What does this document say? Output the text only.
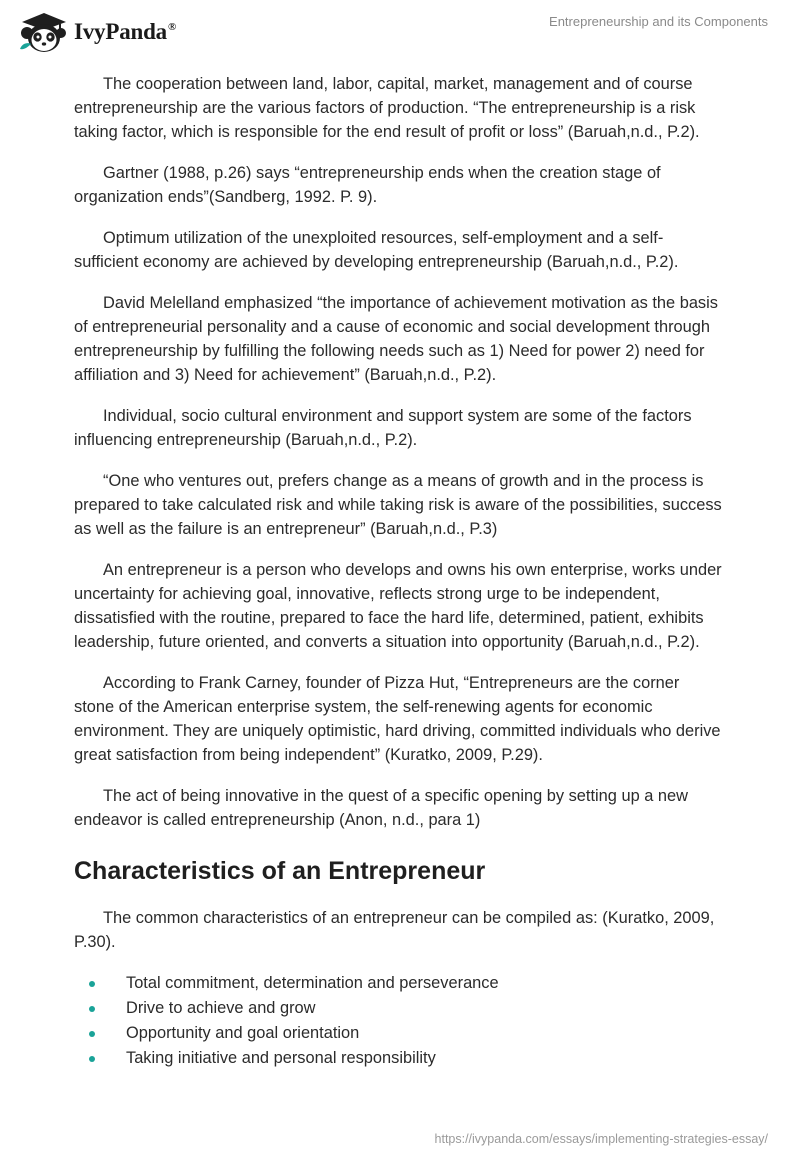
IvyPanda®	Entrepreneurship and its Components

The cooperation between land, labor, capital, market, management and of course entrepreneurship are the various factors of production. “The entrepreneurship is a risk taking factor, which is responsible for the end result of profit or loss” (Baruah,n.d., P.2).

Gartner (1988, p.26) says “entrepreneurship ends when the creation stage of organization ends”(Sandberg, 1992. P. 9).

Optimum utilization of the unexploited resources, self-employment and a self-sufficient economy are achieved by developing entrepreneurship (Baruah,n.d., P.2).

David Melelland emphasized “the importance of achievement motivation as the basis of entrepreneurial personality and a cause of economic and social development through entrepreneurship by fulfilling the following needs such as 1) Need for power 2) need for affiliation and 3) Need for achievement” (Baruah,n.d., P.2).

Individual, socio cultural environment and support system are some of the factors influencing entrepreneurship (Baruah,n.d., P.2).

“One who ventures out, prefers change as a means of growth and in the process is prepared to take calculated risk and while taking risk is aware of the possibilities, success as well as the failure is an entrepreneur” (Baruah,n.d., P.3)

An entrepreneur is a person who develops and owns his own enterprise, works under uncertainty for achieving goal, innovative, reflects strong urge to be independent, dissatisfied with the routine, prepared to face the hard life, determined, patient, exhibits leadership, future oriented, and converts a situation into opportunity (Baruah,n.d., P.2).

According to Frank Carney, founder of Pizza Hut, “Entrepreneurs are the corner stone of the American enterprise system, the self-renewing agents for economic environment. They are uniquely optimistic, hard driving, committed individuals who derive great satisfaction from being independent” (Kuratko, 2009, P.29).

The act of being innovative in the quest of a specific opening by setting up a new endeavor is called entrepreneurship (Anon, n.d., para 1)

Characteristics of an Entrepreneur

The common characteristics of an entrepreneur can be compiled as: (Kuratko, 2009, P.30).

Total commitment, determination and perseverance
Drive to achieve and grow
Opportunity and goal orientation
Taking initiative and personal responsibility
https://ivypanda.com/essays/implementing-strategies-essay/
